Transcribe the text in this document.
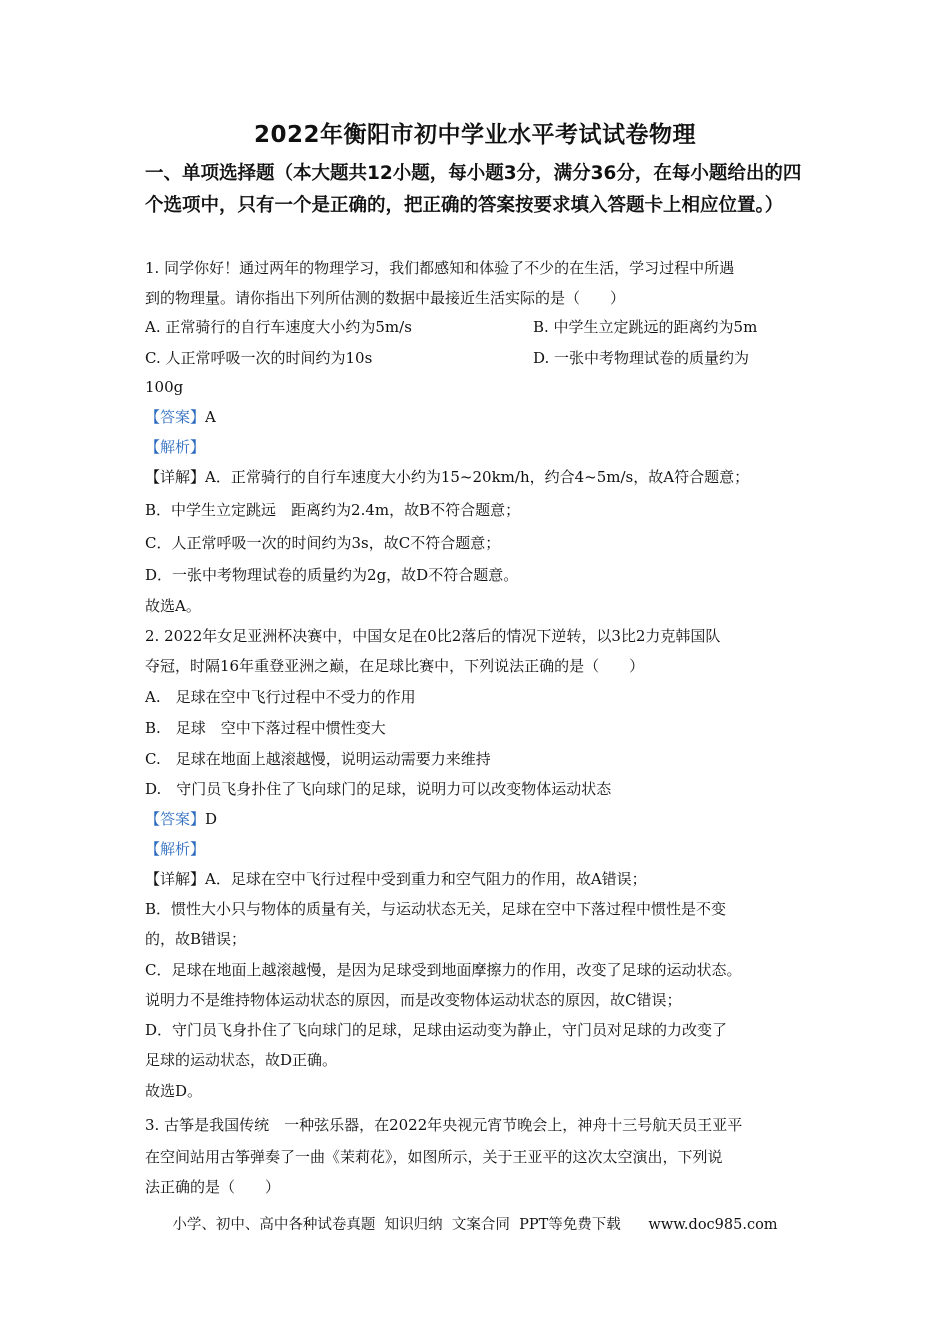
2022年衡阳市初中学业水平考试试卷物理
一、单项选择题（本大题共12小题，每小题3分，满分36分，在每小题给出的四个选项中，只有一个是正确的，把正确的答案按要求填入答题卡上相应位置。）
1. 同学你好！通过两年的物理学习，我们都感知和体验了不少的在生活，学习过程中所遇
到的物理量。请你指出下列所估测的数据中最接近生活实际的是（　　）
A. 正常骑行的自行车速度大小约为5m/s	B. 中学生立定跳远的距离约为5m
C. 人正常呼吸一次的时间约为10s	D. 一张中考物理试卷的质量约为
100g
【答案】A
【解析】
【详解】A．正常骑行的自行车速度大小约为15~20km/h，约合4~5m/s，故A符合题意；
B．中学生立定跳远　距离约为2.4m，故B不符合题意；
C．人正常呼吸一次的时间约为3s，故C不符合题意；
D．一张中考物理试卷的质量约为2g，故D不符合题意。
故选A。
2. 2022年女足亚洲杯决赛中，中国女足在0比2落后的情况下逆转，以3比2力克韩国队
夺冠，时隔16年重登亚洲之巅，在足球比赛中，下列说法正确的是（　　）
A.　足球在空中飞行过程中不受力的作用
B.　足球　空中下落过程中惯性变大
C.　足球在地面上越滚越慢，说明运动需要力来维持
D.　守门员飞身扑住了飞向球门的足球，说明力可以改变物体运动状态
【答案】D
【解析】
【详解】A．足球在空中飞行过程中受到重力和空气阻力的作用，故A错误；
B．惯性大小只与物体的质量有关，与运动状态无关，足球在空中下落过程中惯性是不变
的，故B错误；
C．足球在地面上越滚越慢，是因为足球受到地面摩擦力的作用，改变了足球的运动状态。
说明力不是维持物体运动状态的原因，而是改变物体运动状态的原因，故C错误；
D．守门员飞身扑住了飞向球门的足球，足球由运动变为静止，守门员对足球的力改变了
足球的运动状态，故D正确。
故选D。
3. 古筝是我国传统　一种弦乐器，在2022年央视元宵节晚会上，神舟十三号航天员王亚平
在空间站用古筝弹奏了一曲《茉莉花》，如图所示，关于王亚平的这次太空演出，下列说
法正确的是（　　）
小学、初中、高中各种试卷真题  知识归纳  文案合同  PPT等免费下载      www.doc985.com
